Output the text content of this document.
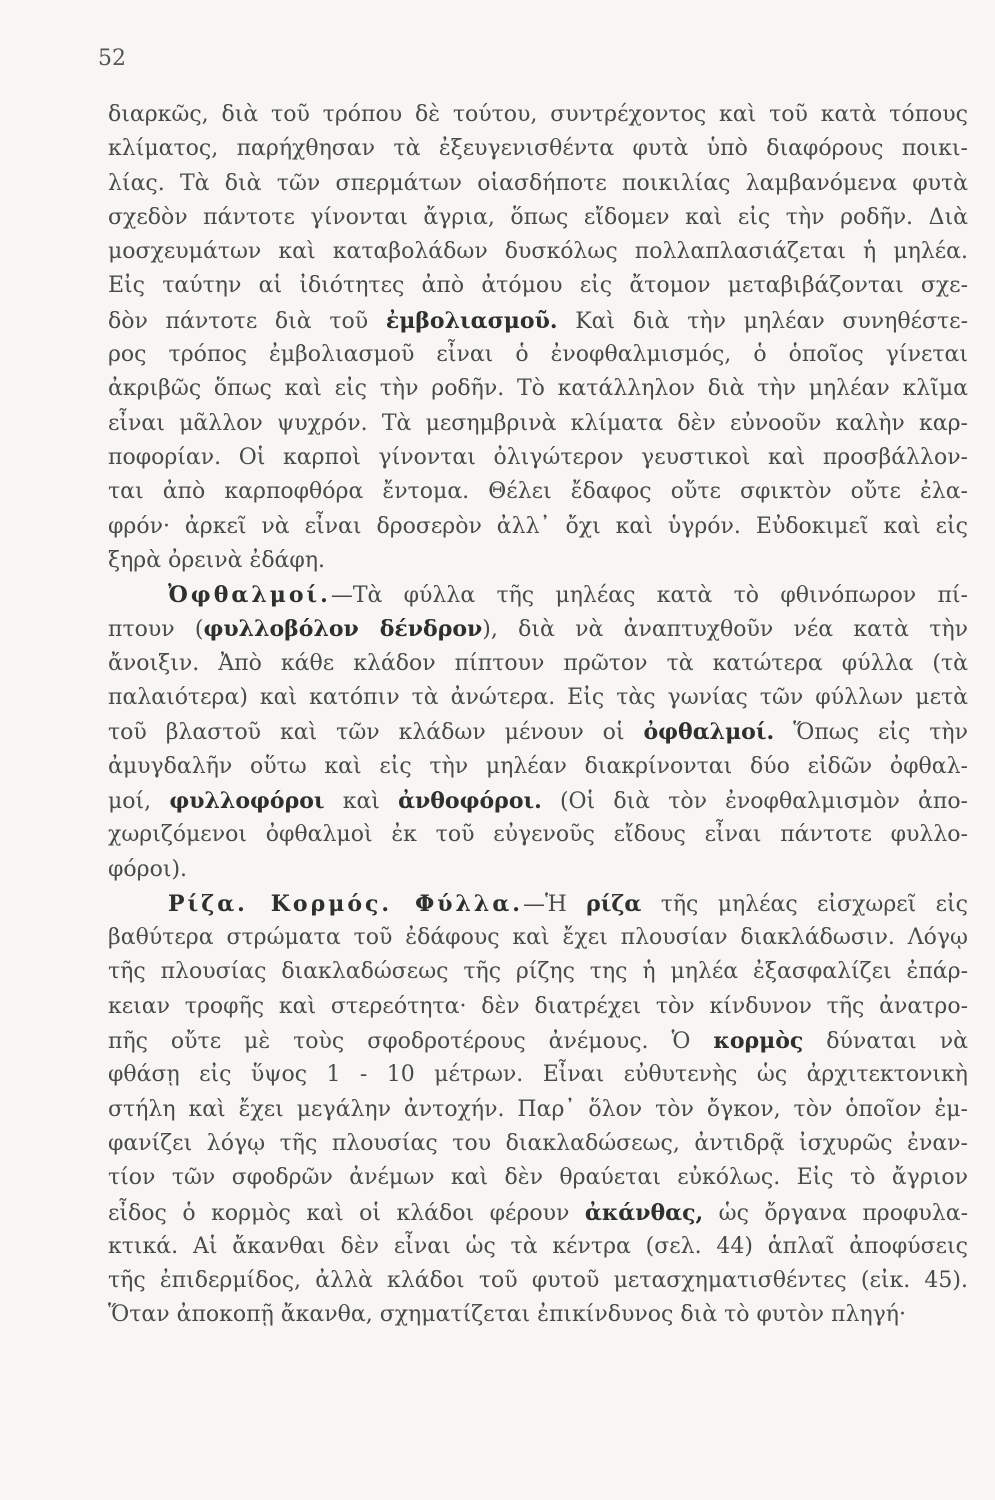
52
διαρκῶς, διὰ τοῦ τρόπου δὲ τούτου, συντρέχοντος καὶ τοῦ κατὰ τόπους
κλίματος, παρήχθησαν τὰ ἐξευγενισθέντα φυτὰ ὑπὸ διαφόρους ποικι-
λίας. Τὰ διὰ τῶν σπερμάτων οἱασδήποτε ποικιλίας λαμβανόμενα φυτὰ
σχεδὸν πάντοτε γίνονται ἄγρια, ὅπως εἴδομεν καὶ εἰς τὴν ροδῆν. Διὰ
μοσχευμάτων καὶ καταβολάδων δυσκόλως πολλαπλασιάζεται ἡ μηλέα.
Εἰς ταύτην αἱ ἰδιότητες ἀπὸ ἀτόμου εἰς ἄτομον μεταβιβάζονται σχε-
δὸν πάντοτε διὰ τοῦ ἐμβολιασμοῦ. Καὶ διὰ τὴν μηλέαν συνηθέστε-
ρος τρόπος ἐμβολιασμοῦ εἶναι ὁ ἐνοφθαλμισμός, ὁ ὁποῖος γίνεται
ἀκριβῶς ὅπως καὶ εἰς τὴν ροδῆν. Τὸ κατάλληλον διὰ τὴν μηλέαν κλῖμα
εἶναι μᾶλλον ψυχρόν. Τὰ μεσημβρινὰ κλίματα δὲν εὐνοοῦν καλὴν καρ-
ποφορίαν. Οἱ καρποὶ γίνονται ὀλιγώτερον γευστικοὶ καὶ προσβάλλον-
ται ἀπὸ καρποφθόρα ἔντομα. Θέλει ἔδαφος οὔτε σφικτὸν οὔτε ἐλα-
φρόν· ἀρκεῖ νὰ εἶναι δροσερὸν ἀλλ᾿ ὄχι καὶ ὑγρόν. Εὐδοκιμεῖ καὶ εἰς
ξηρὰ ὀρεινὰ ἐδάφη.
Ὀφθαλμοί.—Τὰ φύλλα τῆς μηλέας κατὰ τὸ φθινόπωρον πί-
πτουν (φυλλοβόλον δένδρον), διὰ νὰ ἀναπτυχθοῦν νέα κατὰ τὴν
ἄνοιξιν. Ἀπὸ κάθε κλάδον πίπτουν πρῶτον τὰ κατώτερα φύλλα (τὰ
παλαιότερα) καὶ κατόπιν τὰ ἀνώτερα. Εἰς τὰς γωνίας τῶν φύλλων μετὰ
τοῦ βλαστοῦ καὶ τῶν κλάδων μένουν οἱ ὀφθαλμοί. Ὅπως εἰς τὴν
ἀμυγδαλῆν οὕτω καὶ εἰς τὴν μηλέαν διακρίνονται δύο εἰδῶν ὀφθαλ-
μοί, φυλλοφόροι καὶ ἀνθοφόροι. (Οἱ διὰ τὸν ἐνοφθαλμισμὸν ἀπο-
χωριζόμενοι ὀφθαλμοὶ ἐκ τοῦ εὐγενοῦς εἴδους εἶναι πάντοτε φυλλο-
φόροι).
Ρίζα. Κορμός. Φύλλα.—Ἡ ρίζα τῆς μηλέας εἰσχωρεῖ εἰς
βαθύτερα στρώματα τοῦ ἐδάφους καὶ ἔχει πλουσίαν διακλάδωσιν. Λόγῳ
τῆς πλουσίας διακλαδώσεως τῆς ρίζης της ἡ μηλέα ἐξασφαλίζει ἐπάρ-
κειαν τροφῆς καὶ στερεότητα· δὲν διατρέχει τὸν κίνδυνον τῆς ἀνατρο-
πῆς οὔτε μὲ τοὺς σφοδροτέρους ἀνέμους. Ὁ κορμὸς δύναται νὰ
φθάσῃ εἰς ὕψος 1 - 10 μέτρων. Εἶναι εὐθυτενὴς ὡς ἀρχιτεκτονικὴ
στήλη καὶ ἔχει μεγάλην ἀντοχήν. Παρ᾿ ὅλον τὸν ὄγκον, τὸν ὁποῖον ἐμ-
φανίζει λόγῳ τῆς πλουσίας του διακλαδώσεως, ἀντιδρᾷ ἰσχυρῶς ἐναν-
τίον τῶν σφοδρῶν ἀνέμων καὶ δὲν θραύεται εὐκόλως. Εἰς τὸ ἄγριον
εἶδος ὁ κορμὸς καὶ οἱ κλάδοι φέρουν ἀκάνθας, ὡς ὄργανα προφυλα-
κτικά. Αἱ ἄκανθαι δὲν εἶναι ὡς τὰ κέντρα (σελ. 44) ἁπλαῖ ἀποφύσεις
τῆς ἐπιδερμίδος, ἀλλὰ κλάδοι τοῦ φυτοῦ μετασχηματισθέντες (εἰκ. 45).
Ὅταν ἀποκοπῇ ἄκανθα, σχηματίζεται ἐπικίνδυνος διὰ τὸ φυτὸν πληγή·
